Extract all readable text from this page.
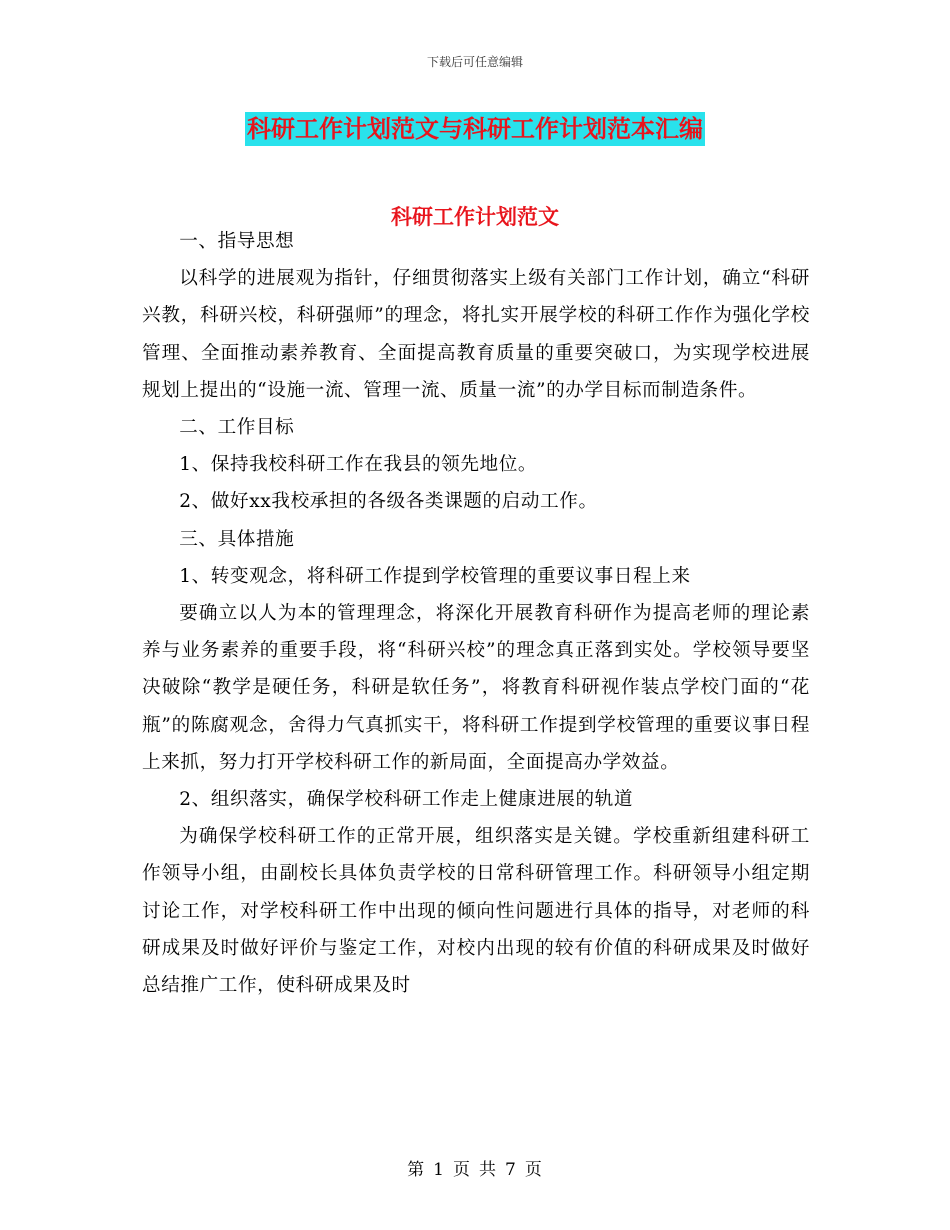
下载后可任意编辑
科研工作计划范文与科研工作计划范本汇编
科研工作计划范文

一、指导思想

以科学的进展观为指针，仔细贯彻落实上级有关部门工作计划，确立“科研兴教，科研兴校，科研强师”的理念，将扎实开展学校的科研工作作为强化学校管理、全面推动素养教育、全面提高教育质量的重要突破口，为实现学校进展规划上提出的“设施一流、管理一流、质量一流”的办学目标而制造条件。

二、工作目标

1、保持我校科研工作在我县的领先地位。

2、做好xx我校承担的各级各类课题的启动工作。

三、具体措施

1、转变观念，将科研工作提到学校管理的重要议事日程上来

要确立以人为本的管理理念，将深化开展教育科研作为提高老师的理论素养与业务素养的重要手段，将“科研兴校”的理念真正落到实处。学校领导要坚决破除“教学是硬任务，科研是软任务”，将教育科研视作装点学校门面的“花瓶”的陈腐观念，舍得力气真抓实干，将科研工作提到学校管理的重要议事日程上来抓，努力打开学校科研工作的新局面，全面提高办学效益。

2、组织落实，确保学校科研工作走上健康进展的轨道

为确保学校科研工作的正常开展，组织落实是关键。学校重新组建科研工作领导小组，由副校长具体负责学校的日常科研管理工作。科研领导小组定期讨论工作，对学校科研工作中出现的倾向性问题进行具体的指导，对老师的科研成果及时做好评价与鉴定工作，对校内出现的较有价值的科研成果及时做好总结推广工作，使科研成果及时

第 1 页 共 7 页
